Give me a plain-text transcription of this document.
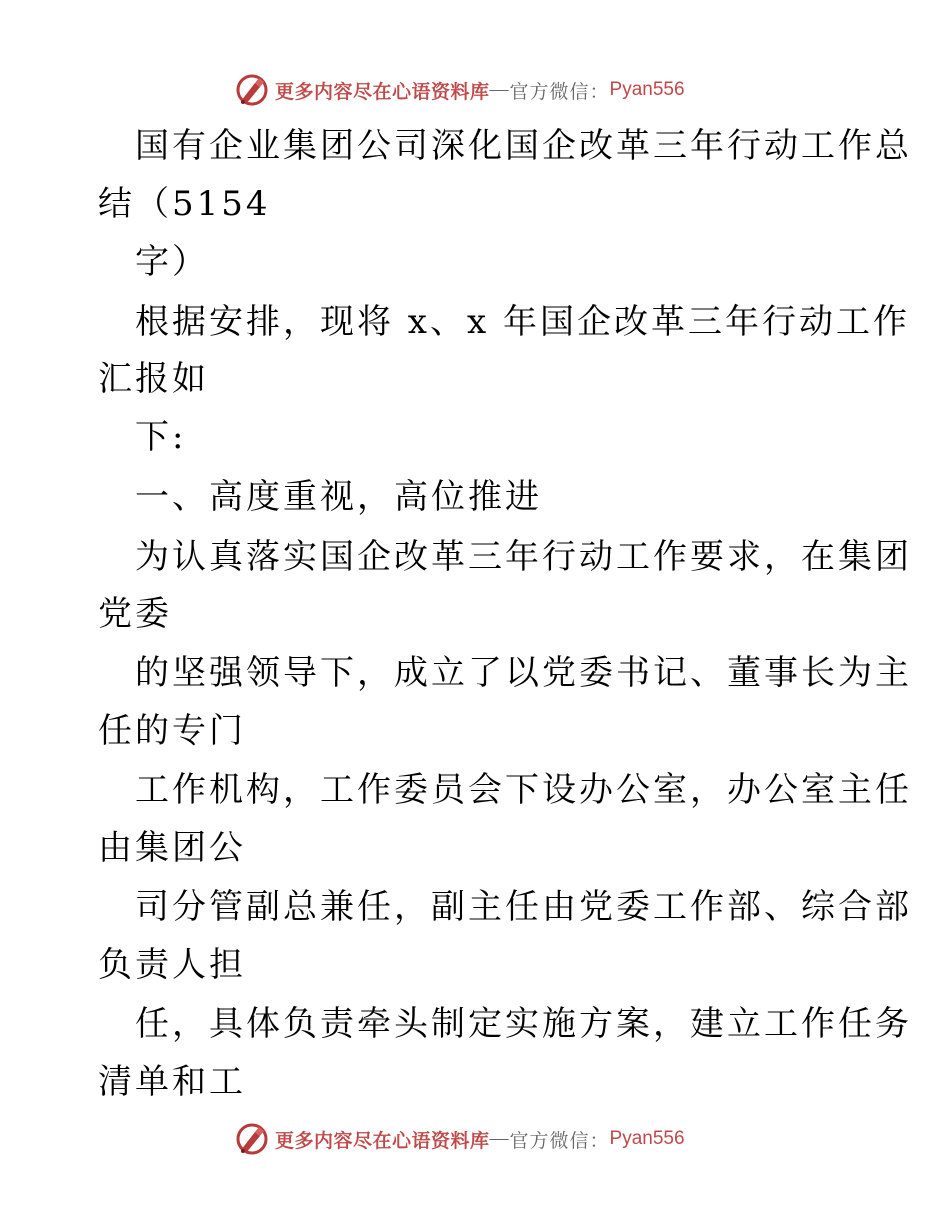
更多内容尽在心语资料库 — 官方微信： Pyan556
国有企业集团公司深化国企改革三年行动工作总
结（5154
字）
根据安排，现将 x、x 年国企改革三年行动工作
汇报如
下:
一、高度重视，高位推进
为认真落实国企改革三年行动工作要求，在集团
党委
的坚强领导下，成立了以党委书记、董事长为主
任的专门
工作机构，工作委员会下设办公室，办公室主任
由集团公
司分管副总兼任，副主任由党委工作部、综合部
负责人担
任，具体负责牵头制定实施方案，建立工作任务
清单和工
更多内容尽在心语资料库 — 官方微信： Pyan556
